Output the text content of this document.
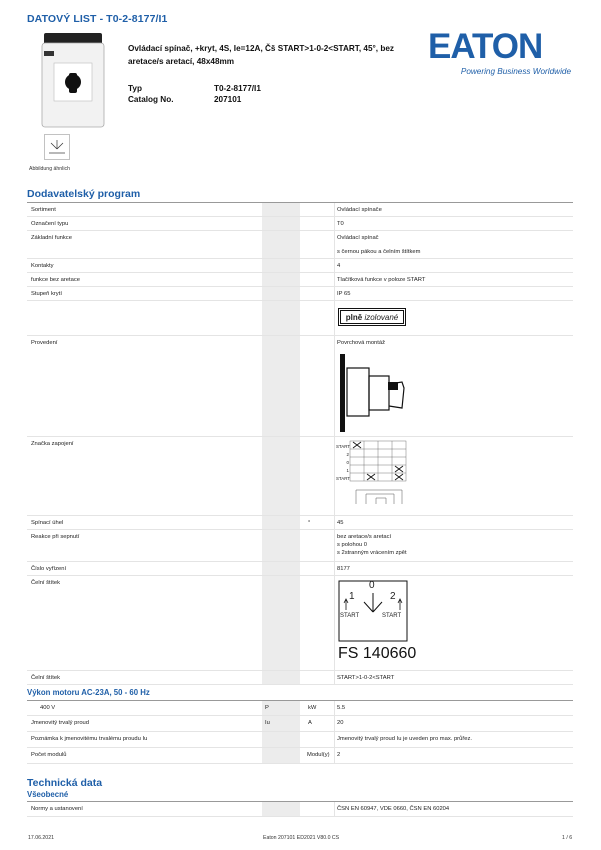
DATOVÝ LIST - T0-2-8177/I1
Abbildung ähnlich
Ovládací spínač, +kryt, 4S, Ie=12A, Čš START>1-0-2<START, 45°, bez aretace/s aretací, 48x48mm
Typ	T0-2-8177/I1
Catalog No.	207101
EATON
Powering Business Worldwide
Dodavatelský program
Sortiment	Ovládací spínače
Označení typu	T0
Základní funkce	Ovládací spínač
s černou pákou a čelním štítkem
Kontakty	4
funkce bez aretace	Tlačítková funkce v poloze START
Stupeň krytí	IP 65
plně izolované
Provedení	Povrchová montáž
Značka zapojení	START
2
0
1
START
Spínací úhel	°	45
Reakce při sepnutí	bez aretace/s aretací
s polohou 0
s 2stranným vrácením zpět
Číslo vyřízení	8177
Čelní štítek	0
1	2
START	START
FS 140660
Čelní štítek	START>1-0-2<START
Výkon motoru AC-23A, 50 - 60 Hz
400 V	P	kW	5.5
Jmenovitý trvalý proud	Iu	A	20
Poznámka k jmenovitému trvalému proudu Iu	Jmenovitý trvalý proud Iu je uveden pro max. průřez.
Počet modulů	Modul(y) 2
Technická data
Všeobecné
Normy a ustanovení	ČSN EN 60947, VDE 0660, ČSN EN 60204
17.06.2021	Eaton 207101 ED2021 V80.0 CS	1 / 6
